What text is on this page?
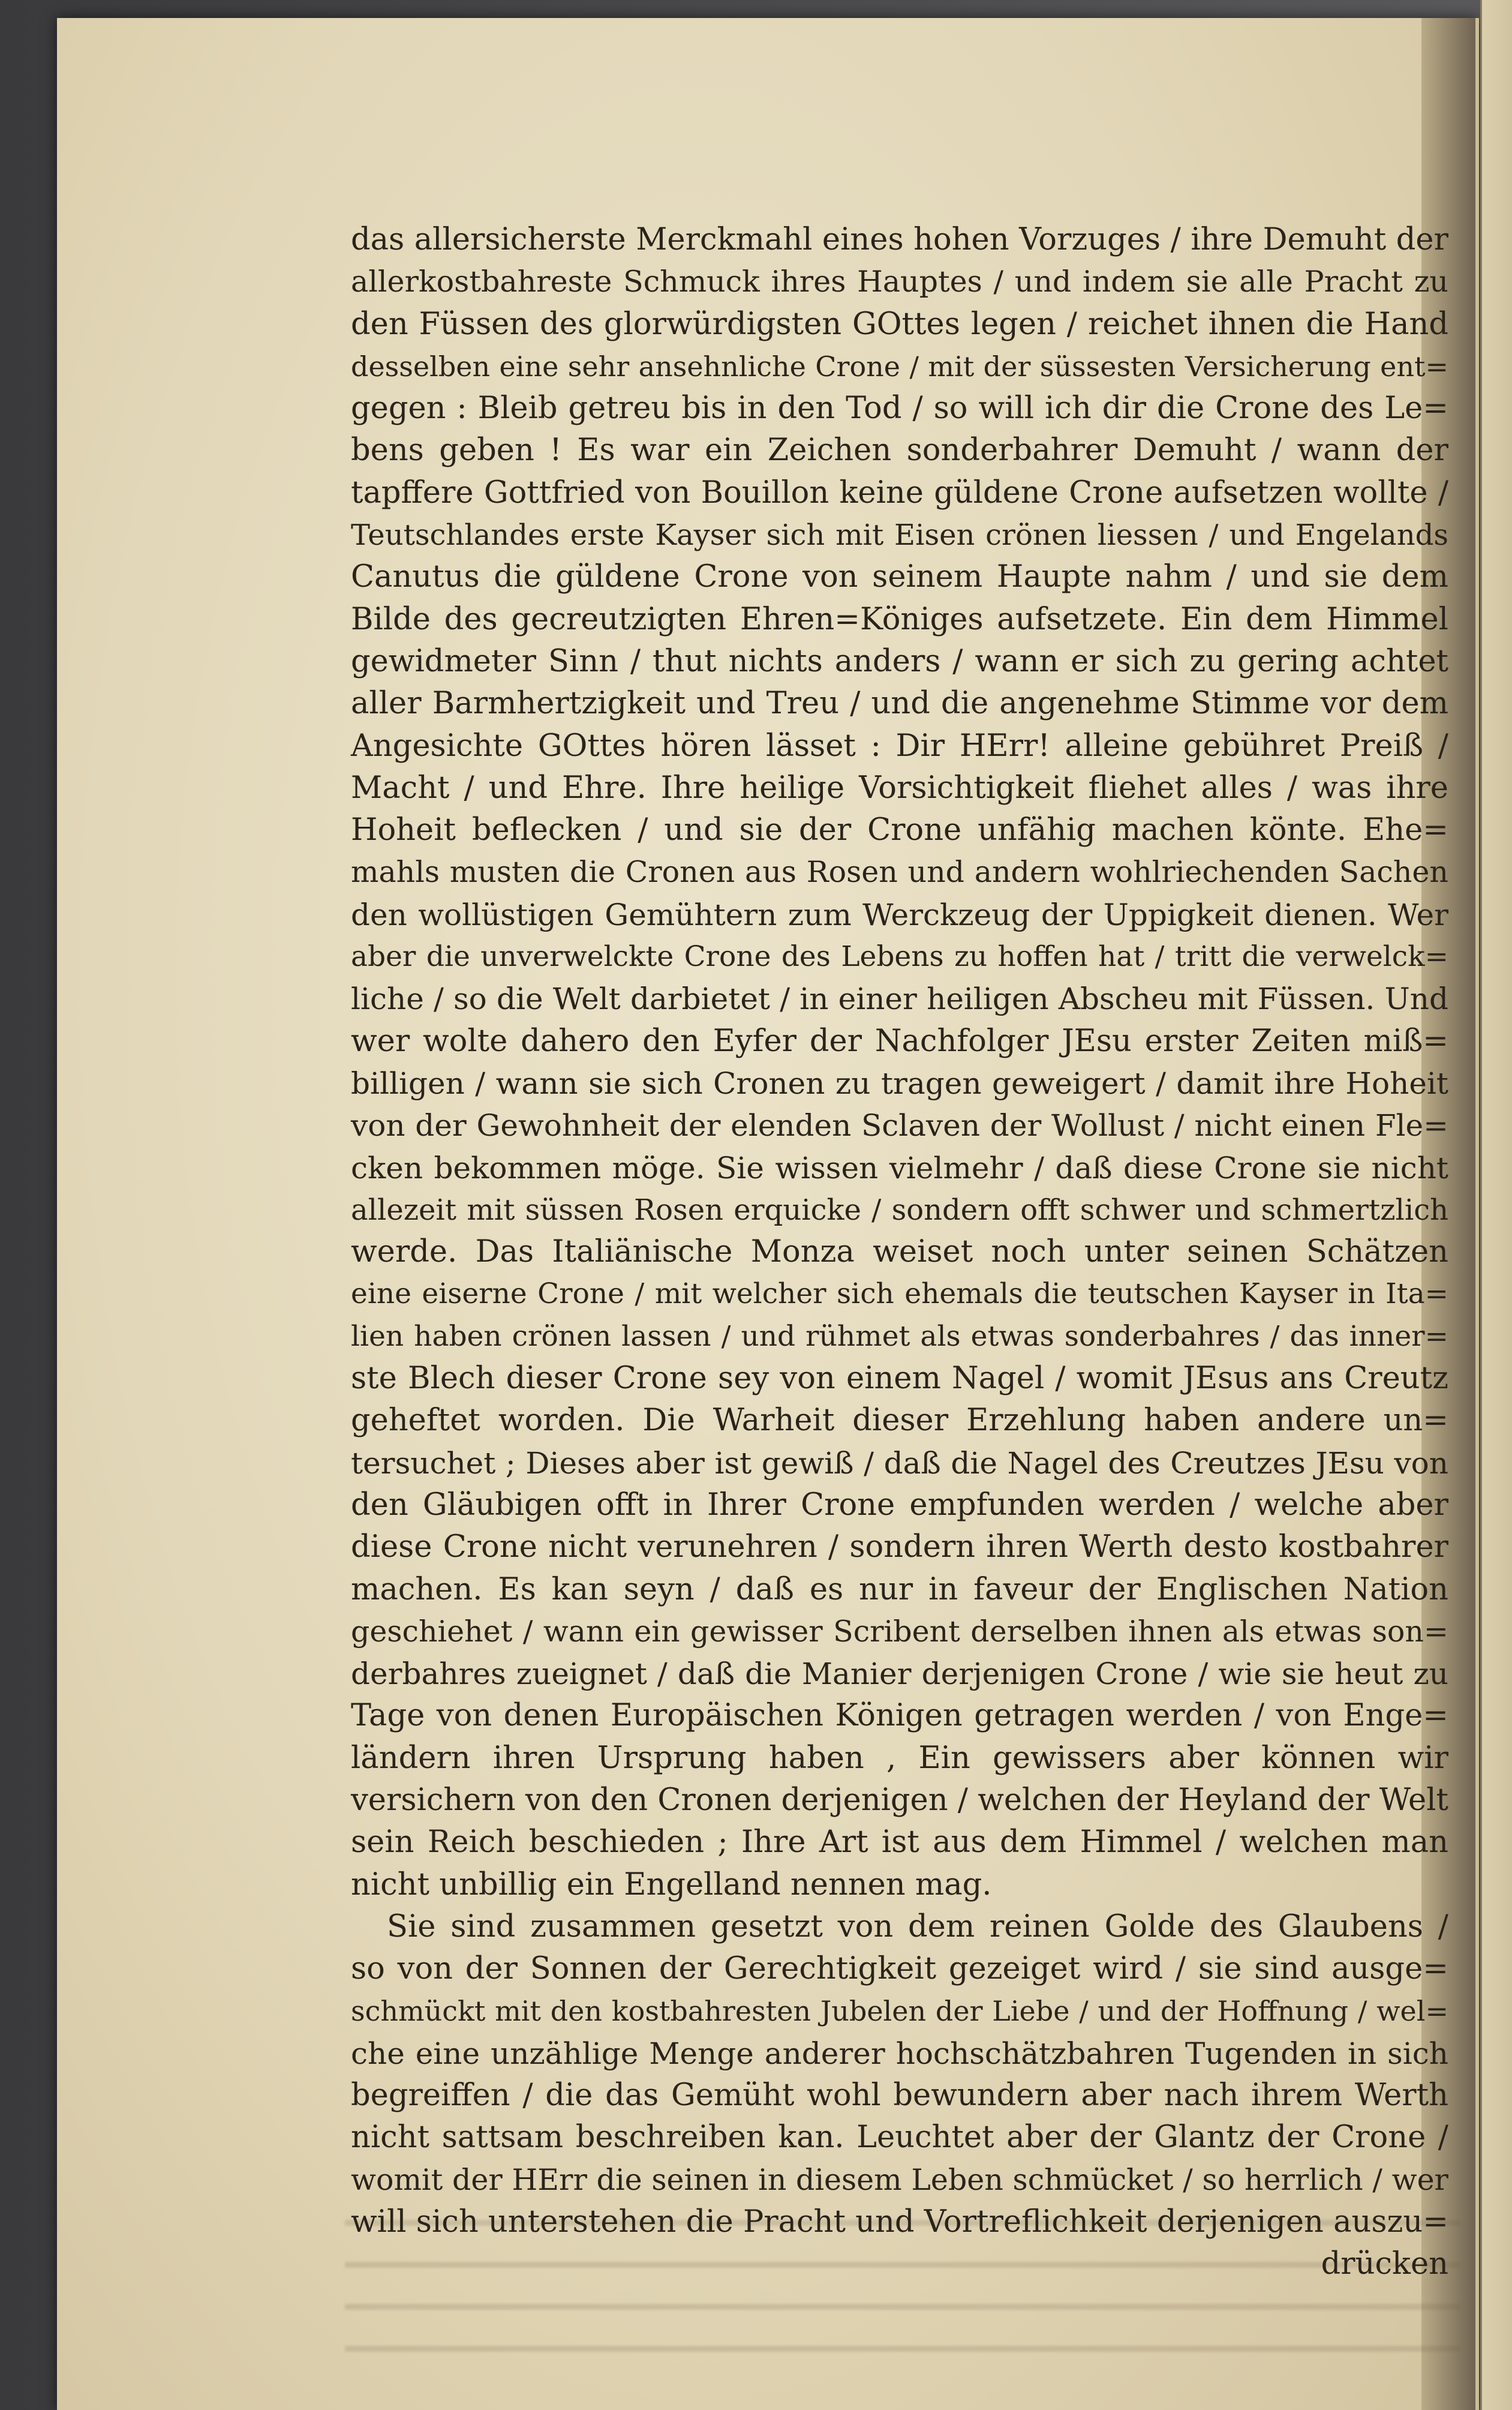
das allersicherste Merckmahl eines hohen Vorzuges / ihre Demuht der
allerkostbahreste Schmuck ihres Hauptes / und indem sie alle Pracht zu
den Füssen des glorwürdigsten GOttes legen / reichet ihnen die Hand
desselben eine sehr ansehnliche Crone / mit der süssesten Versicherung ent=
gegen : Bleib getreu bis in den Tod / so will ich dir die Crone des Le=
bens geben ! Es war ein Zeichen sonderbahrer Demuht / wann der
tapffere Gottfried von Bouillon keine güldene Crone aufsetzen wollte /
Teutschlandes erste Kayser sich mit Eisen crönen liessen / und Engelands
Canutus die güldene Crone von seinem Haupte nahm / und sie dem
Bilde des gecreutzigten Ehren=Königes aufsetzete. Ein dem Himmel
gewidmeter Sinn / thut nichts anders / wann er sich zu gering achtet
aller Barmhertzigkeit und Treu / und die angenehme Stimme vor dem
Angesichte GOttes hören lässet : Dir HErr! alleine gebühret Preiß /
Macht / und Ehre. Ihre heilige Vorsichtigkeit fliehet alles / was ihre
Hoheit beflecken / und sie der Crone unfähig machen könte. Ehe=
mahls musten die Cronen aus Rosen und andern wohlriechenden Sachen
den wollüstigen Gemühtern zum Werckzeug der Uppigkeit dienen. Wer
aber die unverwelckte Crone des Lebens zu hoffen hat / tritt die verwelck=
liche / so die Welt darbietet / in einer heiligen Abscheu mit Füssen. Und
wer wolte dahero den Eyfer der Nachfolger JEsu erster Zeiten miß=
billigen / wann sie sich Cronen zu tragen geweigert / damit ihre Hoheit
von der Gewohnheit der elenden Sclaven der Wollust / nicht einen Fle=
cken bekommen möge. Sie wissen vielmehr / daß diese Crone sie nicht
allezeit mit süssen Rosen erquicke / sondern offt schwer und schmertzlich
werde. Das Italiänische Monza weiset noch unter seinen Schätzen
eine eiserne Crone / mit welcher sich ehemals die teutschen Kayser in Ita=
lien haben crönen lassen / und rühmet als etwas sonderbahres / das inner=
ste Blech dieser Crone sey von einem Nagel / womit JEsus ans Creutz
geheftet worden. Die Warheit dieser Erzehlung haben andere un=
tersuchet ; Dieses aber ist gewiß / daß die Nagel des Creutzes JEsu von
den Gläubigen offt in Ihrer Crone empfunden werden / welche aber
diese Crone nicht verunehren / sondern ihren Werth desto kostbahrer
machen. Es kan seyn / daß es nur in faveur der Englischen Nation
geschiehet / wann ein gewisser Scribent derselben ihnen als etwas son=
derbahres zueignet / daß die Manier derjenigen Crone / wie sie heut zu
Tage von denen Europäischen Königen getragen werden / von Enge=
ländern ihren Ursprung haben , Ein gewissers aber können wir
versichern von den Cronen derjenigen / welchen der Heyland der Welt
sein Reich beschieden ; Ihre Art ist aus dem Himmel / welchen man
nicht unbillig ein Engelland nennen mag.
Sie sind zusammen gesetzt von dem reinen Golde des Glaubens /
so von der Sonnen der Gerechtigkeit gezeiget wird / sie sind ausge=
schmückt mit den kostbahresten Jubelen der Liebe / und der Hoffnung / wel=
che eine unzählige Menge anderer hochschätzbahren Tugenden in sich
begreiffen / die das Gemüht wohl bewundern aber nach ihrem Werth
nicht sattsam beschreiben kan. Leuchtet aber der Glantz der Crone /
womit der HErr die seinen in diesem Leben schmücket / so herrlich / wer
will sich unterstehen die Pracht und Vortreflichkeit derjenigen auszu=
drücken
